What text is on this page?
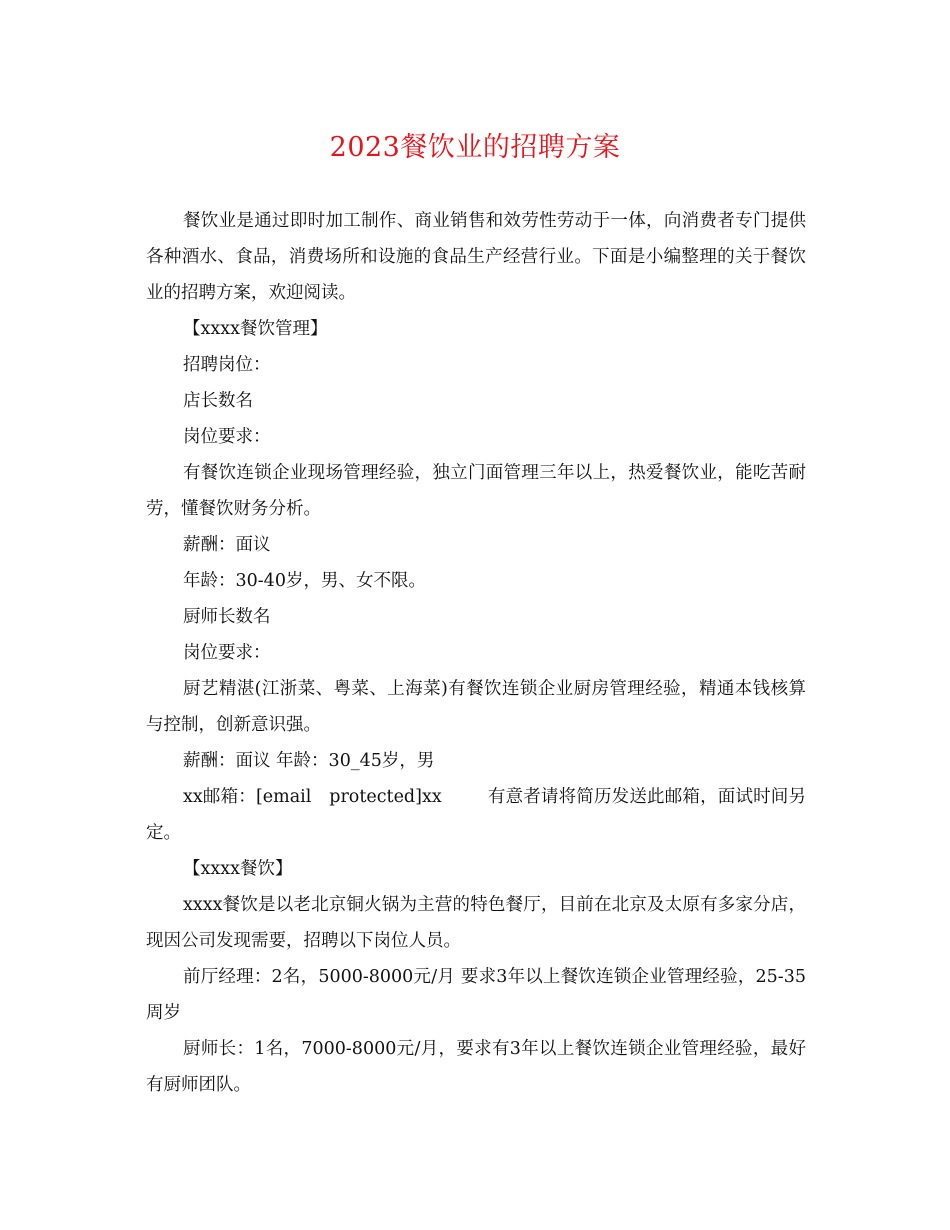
2023餐饮业的招聘方案

餐饮业是通过即时加工制作、商业销售和效劳性劳动于一体，向消费者专门提供各种酒水、食品，消费场所和设施的食品生产经营行业。下面是小编整理的关于餐饮业的招聘方案，欢迎阅读。

【xxxx餐饮管理】

招聘岗位：

店长数名

岗位要求：

有餐饮连锁企业现场管理经验，独立门面管理三年以上，热爱餐饮业，能吃苦耐劳，懂餐饮财务分析。

薪酬：面议

年龄：30-40岁，男、女不限。

厨师长数名

岗位要求：

厨艺精湛(江浙菜、粤菜、上海菜)有餐饮连锁企业厨房管理经验，精通本钱核算与控制，创新意识强。

薪酬：面议 年龄：30_45岁，男

xx邮箱：[email　protected]xx	有意者请将简历发送此邮箱，面试时间另定。

【xxxx餐饮】

xxxx餐饮是以老北京铜火锅为主营的特色餐厅，目前在北京及太原有多家分店，现因公司发现需要，招聘以下岗位人员。

前厅经理：2名，5000-8000元/月 要求3年以上餐饮连锁企业管理经验，25-35周岁

厨师长：1名，7000-8000元/月，要求有3年以上餐饮连锁企业管理经验，最好有厨师团队。
